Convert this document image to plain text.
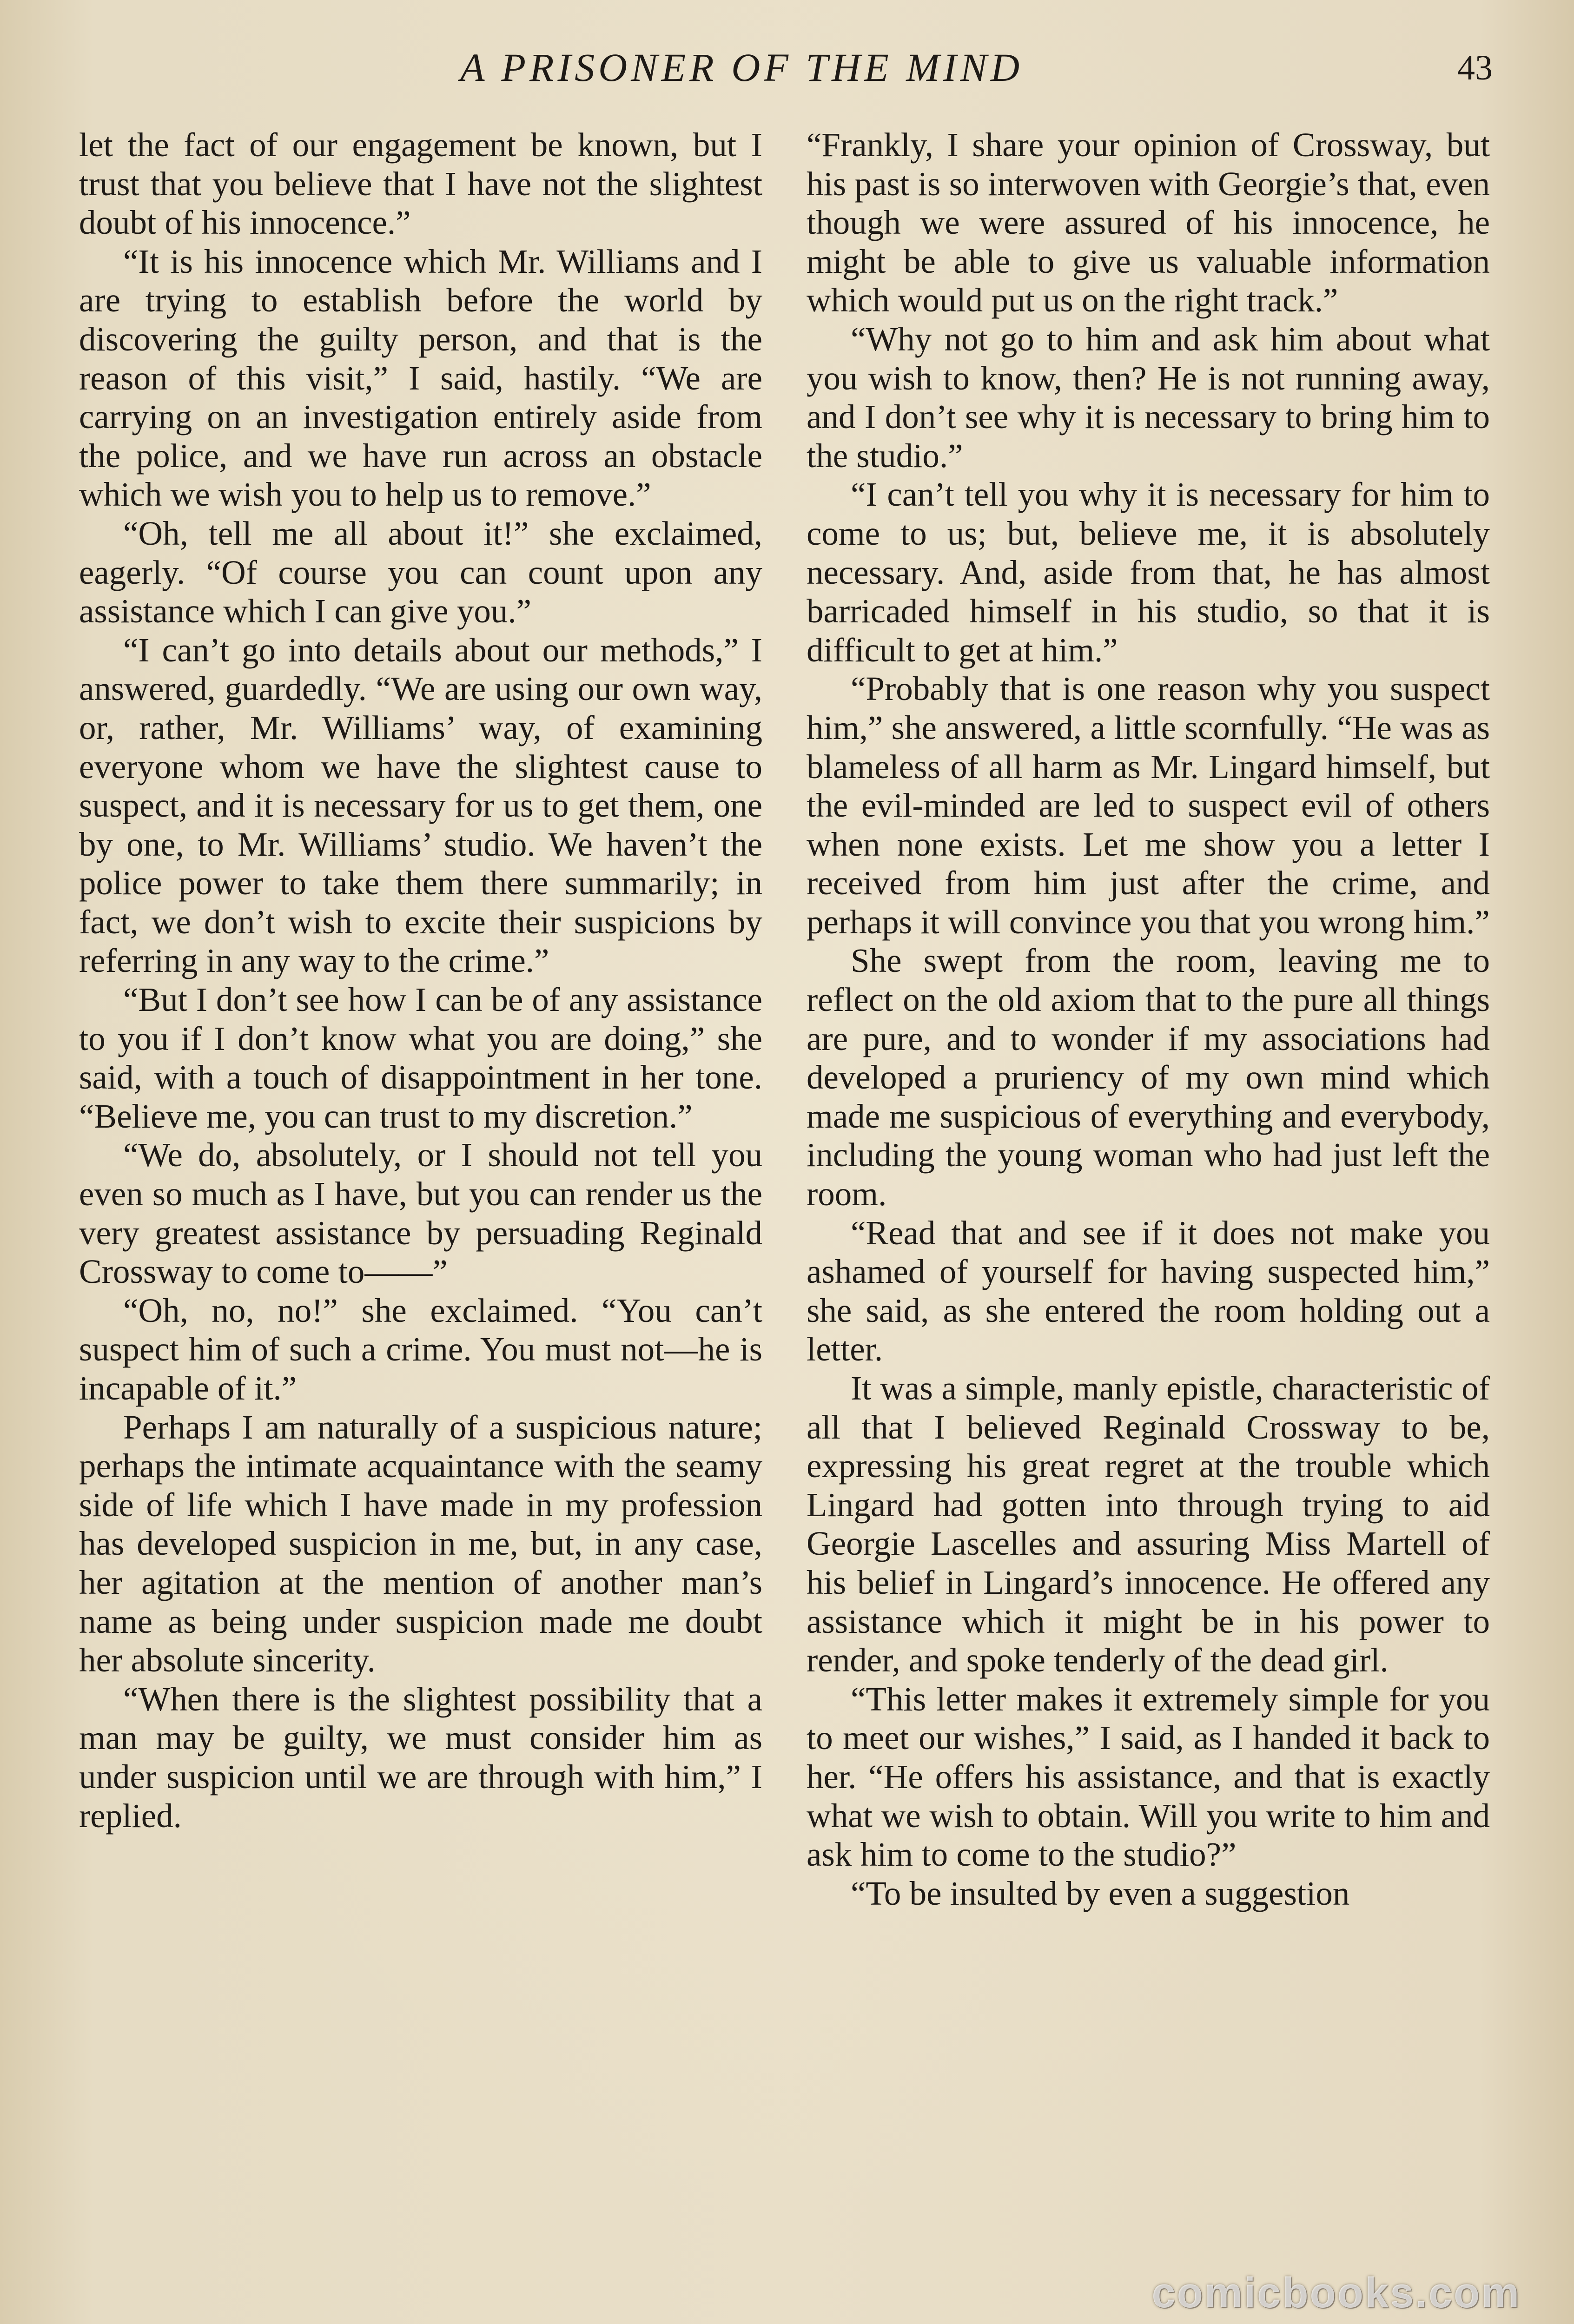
A PRISONER OF THE MIND	43

let the fact of our engagement be known, but I trust that you believe that I have not the slightest doubt of his innocence.”

“It is his innocence which Mr. Williams and I are trying to establish before the world by discovering the guilty person, and that is the reason of this visit,” I said, hastily. “We are carrying on an investigation entirely aside from the police, and we have run across an obstacle which we wish you to help us to remove.”

“Oh, tell me all about it!” she exclaimed, eagerly. “Of course you can count upon any assistance which I can give you.”

“I can’t go into details about our methods,” I answered, guardedly. “We are using our own way, or, rather, Mr. Williams’ way, of examining everyone whom we have the slightest cause to suspect, and it is necessary for us to get them, one by one, to Mr. Williams’ studio. We haven’t the police power to take them there summarily; in fact, we don’t wish to excite their suspicions by referring in any way to the crime.”

“But I don’t see how I can be of any assistance to you if I don’t know what you are doing,” she said, with a touch of disappointment in her tone. “Believe me, you can trust to my discretion.”

“We do, absolutely, or I should not tell you even so much as I have, but you can render us the very greatest assistance by persuading Reginald Crossway to come to——”

“Oh, no, no!” she exclaimed. “You can’t suspect him of such a crime. You must not—he is incapable of it.”

Perhaps I am naturally of a suspicious nature; perhaps the intimate acquaintance with the seamy side of life which I have made in my profession has developed suspicion in me, but, in any case, her agitation at the mention of another man’s name as being under suspicion made me doubt her absolute sincerity.

“When there is the slightest possibility that a man may be guilty, we must consider him as under suspicion until we are through with him,” I replied.

“Frankly, I share your opinion of Crossway, but his past is so interwoven with Georgie’s that, even though we were assured of his innocence, he might be able to give us valuable information which would put us on the right track.”

“Why not go to him and ask him about what you wish to know, then? He is not running away, and I don’t see why it is necessary to bring him to the studio.”

“I can’t tell you why it is necessary for him to come to us; but, believe me, it is absolutely necessary. And, aside from that, he has almost barricaded himself in his studio, so that it is difficult to get at him.”

“Probably that is one reason why you suspect him,” she answered, a little scornfully. “He was as blameless of all harm as Mr. Lingard himself, but the evil-minded are led to suspect evil of others when none exists. Let me show you a letter I received from him just after the crime, and perhaps it will convince you that you wrong him.”

She swept from the room, leaving me to reflect on the old axiom that to the pure all things are pure, and to wonder if my associations had developed a pruriency of my own mind which made me suspicious of everything and everybody, including the young woman who had just left the room.

“Read that and see if it does not make you ashamed of yourself for having suspected him,” she said, as she entered the room holding out a letter.

It was a simple, manly epistle, characteristic of all that I believed Reginald Crossway to be, expressing his great regret at the trouble which Lingard had gotten into through trying to aid Georgie Lascelles and assuring Miss Martell of his belief in Lingard’s innocence. He offered any assistance which it might be in his power to render, and spoke tenderly of the dead girl.

“This letter makes it extremely simple for you to meet our wishes,” I said, as I handed it back to her. “He offers his assistance, and that is exactly what we wish to obtain. Will you write to him and ask him to come to the studio?”

“To be insulted by even a suggestion

comicbooks.com
